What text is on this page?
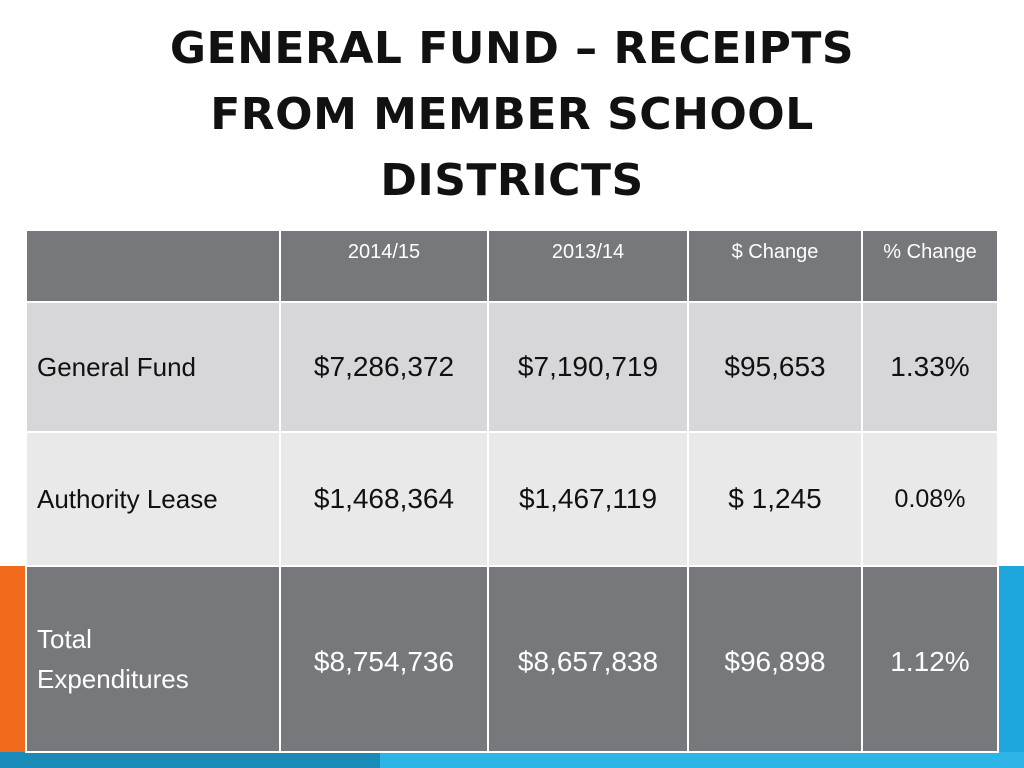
GENERAL FUND – RECEIPTS FROM MEMBER SCHOOL DISTRICTS
	2014/15	2013/14	$ Change	% Change
General Fund	$7,286,372	$7,190,719	$95,653	1.33%
Authority Lease	$1,468,364	$1,467,119	$ 1,245	0.08%
Total Expenditures	$8,754,736	$8,657,838	$96,898	1.12%
